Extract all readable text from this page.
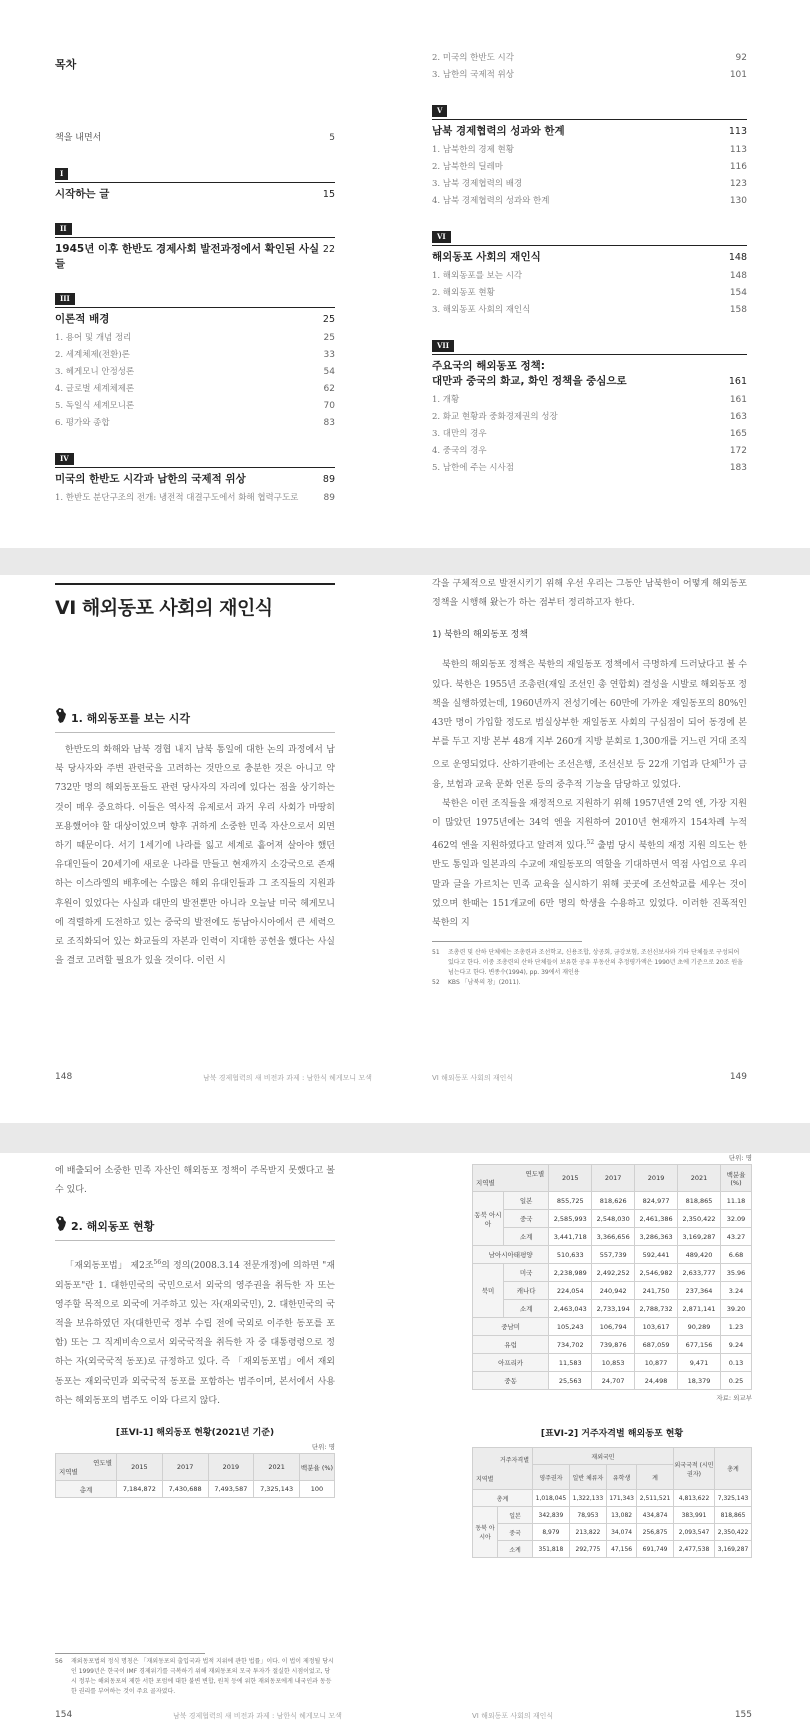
목차
책을 내면서	5
I
시작하는 글	15
II
1945년 이후 한반도 경제사회 발전과정에서 확인된 사실들
22
III
이론적 배경	25
1. 용어 및 개념 정리	25
2. 세계체제(전환)론	33
3. 헤게모니 안정성론	54
4. 글로벌 세계체제론	62
5. 독일식 세계모니론	70
6. 평가와 종합	83
IV
미국의 한반도 시각과 남한의 국제적 위상	89
1. 한반도 분단구조의 전개: 냉전적 대결구도에서 화해 협력구도로	89
2. 미국의 한반도 시각	92
3. 남한의 국제적 위상	101
V
남북 경제협력의 성과와 한계	113
1. 남북한의 경제 현황	113
2. 남북한의 딜레마	116
3. 남북 경제협력의 배경	123
4. 남북 경제협력의 성과와 한계	130
VI
해외동포 사회의 재인식	148
1. 해외동포를 보는 시각	148
2. 해외동포 현황	154
3. 해외동포 사회의 재인식	158
VII
주요국의 해외동포 정책:
대만과 중국의 화교, 화인 정책을 중심으로	161
1. 개황	161
2. 화교 현황과 중화경제권의 성장	163
3. 대만의 경우	165
4. 중국의 경우	172
5. 남한에 주는 시사점	183
VI 해외동포 사회의 재인식
1. 해외동포를 보는 시각

한반도의 화해와 남북 경협 내지 남북 통일에 대한 논의 과정에서 남북 당사자와 주변 관련국을 고려하는 것만으로 충분한 것은 아니고 약 732만 명의 해외동포들도 관련 당사자의 자리에 있다는 점을 상기하는 것이 매우 중요하다. 이들은 역사적 유제로서 과거 우리 사회가 마땅히 포용했어야 할 대상이었으며 향후 귀하게 소중한 민족 자산으로서 외면하기 때문이다. 서기 1세기에 나라를 잃고 세계로 흩어져 살아야 했던 유대인들이 20세기에 새로운 나라를 만들고 현재까지 소강국으로 존재하는 이스라엘의 배후에는 수많은 해외 유대인들과 그 조직들의 지원과 후원이 있었다는 사실과 대만의 발전뿐만 아니라 오늘날 미국 헤게모니에 격렬하게 도전하고 있는 중국의 발전에도 동남아시아에서 큰 세력으로 조직화되어 있는 화교들의 자본과 인력이 지대한 공헌을 했다는 사실을 결코 고려할 필요가 있을 것이다. 이런 시

148	남북 경제협력의 새 비전과 과제 : 남한식 헤게모니 모색

각을 구체적으로 발전시키기 위해 우선 우리는 그동안 남북한이 어떻게 해외동포 정책을 시행해 왔는가 하는 점부터 정리하고자 한다.

1) 북한의 해외동포 정책

북한의 해외동포 정책은 북한의 재일동포 정책에서 극명하게 드러났다고 볼 수 있다. 북한은 1955년 조총련(재일 조선인 총 연합회) 결성을 시발로 해외동포 정책을 실행하였는데, 1960년까지 전성기에는 60만에 가까운 재일동포의 80%인 43만 명이 가입할 정도로 범실상부한 재일동포 사회의 구심점이 되어 동경에 본부를 두고 지방 본부 48개 지부 260개 지방 분회로 1,300개를 거느린 거대 조직으로 운영되었다. 산하기관에는 조선은행, 조선신보 등 22개 기업과 단체$^{51}$가 금융, 보험과 교육 문화 언론 등의 중추적 기능을 담당하고 있었다.

북한은 이런 조직들을 재정적으로 지원하기 위해 1957년엔 2억 엔, 가장 지원이 많았던 1975년에는 34억 엔을 지원하여 2010년 현재까지 154차례 누적 462억 엔을 지원하였다고 알려져 있다.$^{52}$ 출범 당시 북한의 재정 지원 의도는 한반도 통일과 일본과의 수교에 재일동포의 역할을 기대하면서 역점 사업으로 우리말과 글을 가르치는 민족 교육을 실시하기 위해 곳곳에 조선학교를 세우는 것이었으며 한때는 151개교에 6만 명의 학생을 수용하고 있었다. 이러한 진폭적인 북한의 지

51	조총련 및 산하 단체에는 조총련과 조선학교, 신용조합, 상공회, 금강보험, 조선신보사와 기타 단체들로 구성되어 있다고 한다. 이중 조총련의 산하 단체들이 보유한 공유 부동산의 추정평가액은 1990년 초에 기준으로 20조 원을 넘는다고 한다. 변종수(1994), pp. 39에서 재인용
52	KBS 「남북의 창」(2011).
VI 해외동포 사회의 재인식	149

에 배출되어 소중한 민족 자산인 해외동포 정책이 주목받지 못했다고 볼 수 있다.

2. 해외동포 현황

「재외동포법」 제2조$^{56}$의 정의(2008.3.14 전문개정)에 의하면 "재외동포"란 1. 대한민국의 국민으로서 외국의 영주권을 취득한 자 또는 영주할 목적으로 외국에 거주하고 있는 자(재외국민), 2. 대한민국의 국적을 보유하였던 자(대한민국 정부 수립 전에 국외로 이주한 동포를 포함) 또는 그 직계비속으로서 외국국적을 취득한 자 중 대통령령으로 정하는 자(외국국적 동포)로 규정하고 있다. 즉 「재외동포법」에서 재외동포는 재외국민과 외국국적 동포를 포함하는 범주이며, 본서에서 사용하는 해외동포의 범주도 이와 다르지 않다.

[표VI-1] 해외동포 현황(2021년 기준)
단위: 명
연도별
지역별	2015	2017	2019	2021	백분율 (%)
총계	7,184,872	7,430,688	7,493,587	7,325,143	100
56	재외동포법의 정식 명칭은 「재외동포의 출입국과 법적 지위에 관한 법률」이다. 이 법이 제정될 당시인 1999년은 한국이 IMF 경제위기를 극복하기 위해 재외동포의 모국 투자가 절실한 시점이었고, 당시 정부는 해외동포의 제한 서한 포럼에 대한 불변 변합, 원칙 등에 위한 재외동포에게 내국인과 동등한 권리를 부여하는 것이 주요 골자였다.
154	남북 경제협력의 새 비전과 과제 : 남한식 헤게모니 모색
단위: 명
연도별
지역별		2015	2017	2019	2021	백분율 (%)
동북 아시아	일본	855,725	818,626	824,977	818,865	11.18
	중국	2,585,993	2,548,030	2,461,386	2,350,422	32.09
	소계	3,441,718	3,366,656	3,286,363	3,169,287	43.27
남아시아태평양		510,633	557,739	592,441	489,420	6.68
북미	미국	2,238,989	2,492,252	2,546,982	2,633,777	35.96
	캐나다	224,054	240,942	241,750	237,364	3.24
	소계	2,463,043	2,733,194	2,788,732	2,871,141	39.20
중남미		105,243	106,794	103,617	90,289	1.23
유럽		734,702	739,876	687,059	677,156	9.24
아프리카		11,583	10,853	10,877	9,471	0.13
중동		25,563	24,707	24,498	18,379	0.25
자료: 외교부
[표VI-2] 거주자격별 해외동포 현황
거주자격별
지역별		재외국민				외국국적 (시민권자)	총계
		영주권자	일반 체류자	유학생	계		
총계		1,018,045	1,322,133	171,343	2,511,521	4,813,622	7,325,143
동북 아시아	일본	342,839	78,953	13,082	434,874	383,991	818,865
	중국	8,979	213,822	34,074	256,875	2,093,547	2,350,422
	소계	351,818	292,775	47,156	691,749	2,477,538	3,169,287
VI 해외동포 사회의 재인식	155
